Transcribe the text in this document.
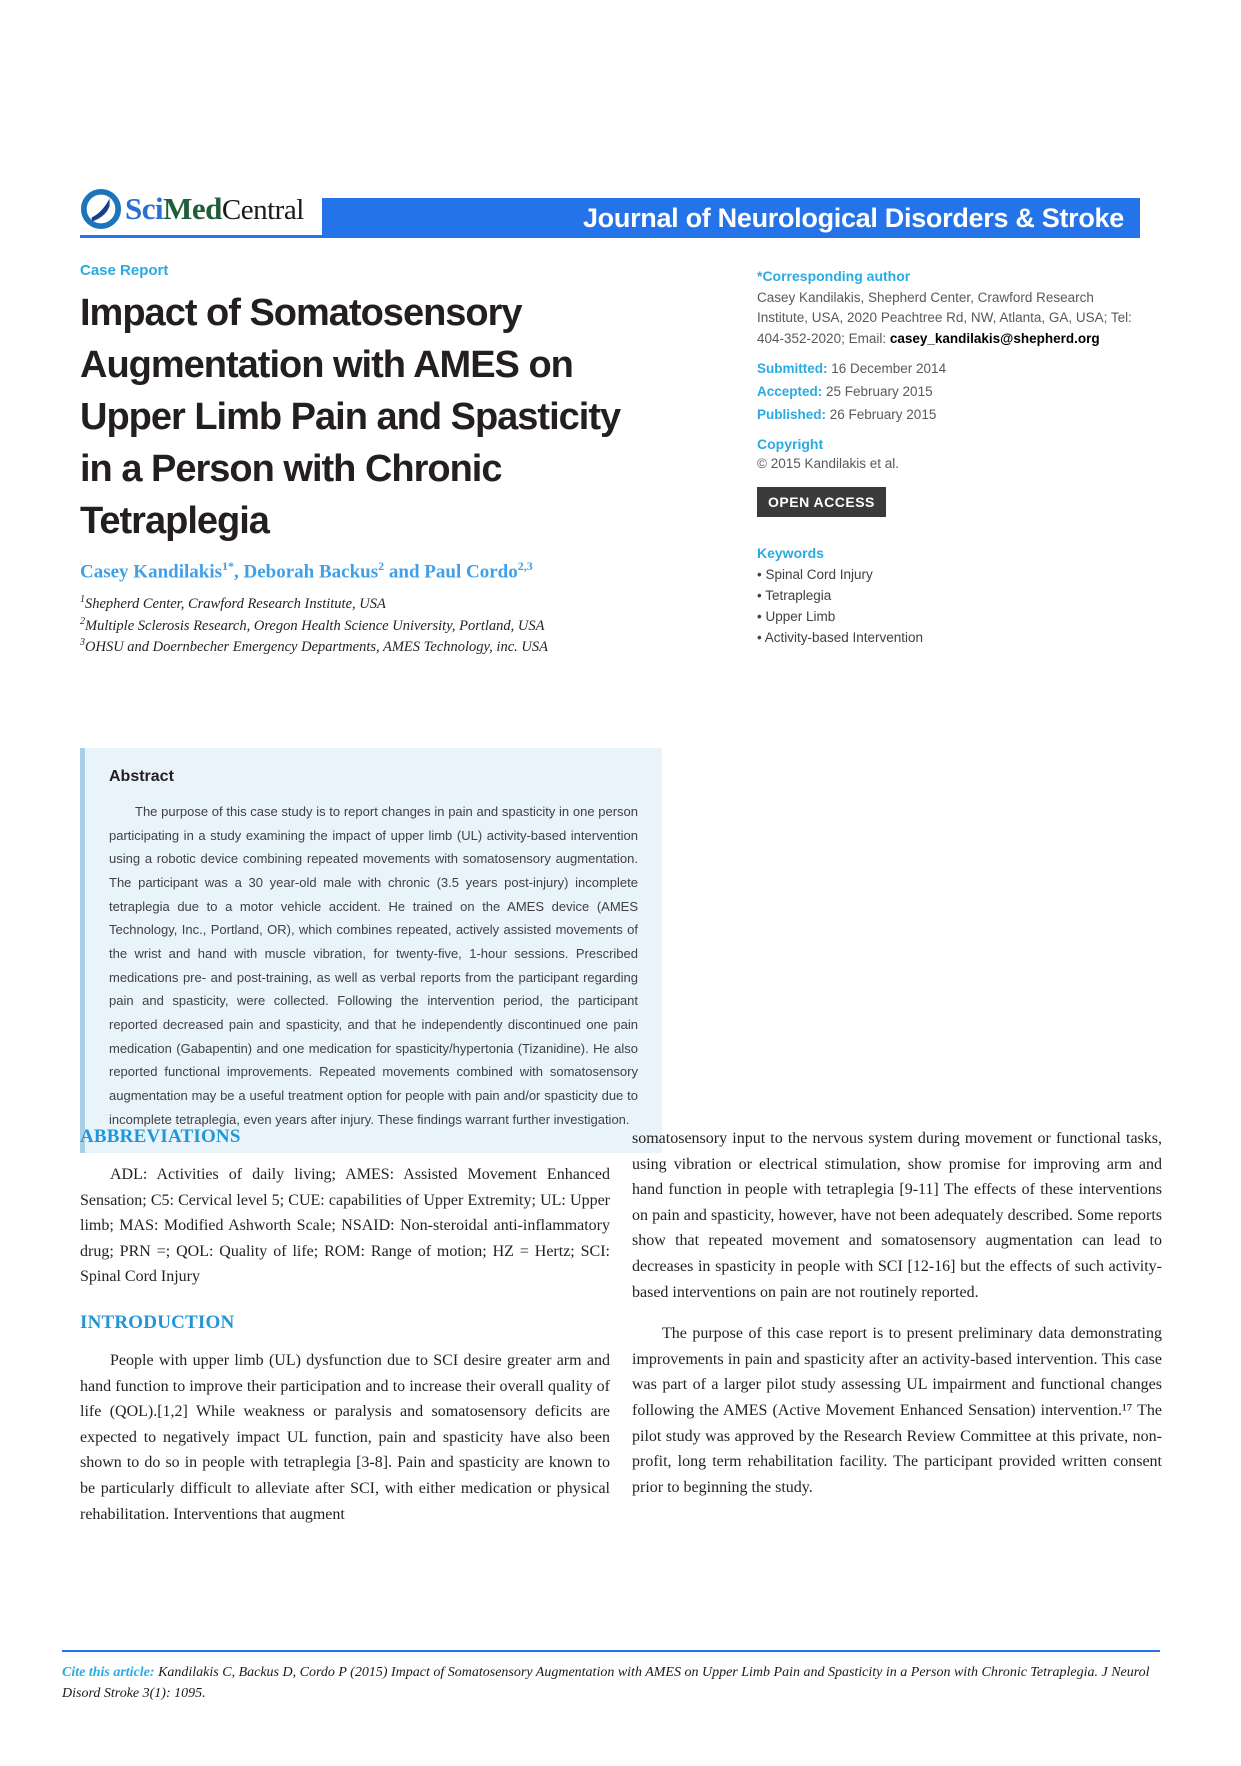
SciMedCentral	Journal of Neurological Disorders & Stroke
Case Report
Impact of Somatosensory
Augmentation with AMES on
Upper Limb Pain and Spasticity
in a Person with Chronic
Tetraplegia
Casey Kandilakis$^{1*}$, Deborah Backus$^2$ and Paul Cordo$^{2,3}$
$^1$Shepherd Center, Crawford Research Institute, USA
$^2$Multiple Sclerosis Research, Oregon Health Science University, Portland, USA
$^3$OHSU and Doernbecher Emergency Departments, AMES Technology, inc. USA
Abstract
The purpose of this case study is to report changes in pain and spasticity in one person participating in a study examining the impact of upper limb (UL) activity-based intervention using a robotic device combining repeated movements with somatosensory augmentation. The participant was a 30 year-old male with chronic (3.5 years post-injury) incomplete tetraplegia due to a motor vehicle accident. He trained on the AMES device (AMES Technology, Inc., Portland, OR), which combines repeated, actively assisted movements of the wrist and hand with muscle vibration, for twenty-five, 1-hour sessions. Prescribed medications pre- and post-training, as well as verbal reports from the participant regarding pain and spasticity, were collected. Following the intervention period, the participant reported decreased pain and spasticity, and that he independently discontinued one pain medication (Gabapentin) and one medication for spasticity/hypertonia (Tizanidine). He also reported functional improvements. Repeated movements combined with somatosensory augmentation may be a useful treatment option for people with pain and/or spasticity due to incomplete tetraplegia, even years after injury. These findings warrant further investigation.
*Corresponding author
Casey Kandilakis, Shepherd Center, Crawford Research Institute, USA, 2020 Peachtree Rd, NW, Atlanta, GA, USA; Tel: 404-352-2020; Email: casey_kandilakis@shepherd.org
Submitted: 16 December 2014
Accepted: 25 February 2015
Published: 26 February 2015
Copyright
© 2015 Kandilakis et al.
OPEN ACCESS
Keywords
• Spinal Cord Injury
• Tetraplegia
• Upper Limb
• Activity-based Intervention
ABBREVIATIONS
ADL: Activities of daily living; AMES: Assisted Movement Enhanced Sensation; C5: Cervical level 5; CUE: capabilities of Upper Extremity; UL: Upper limb; MAS: Modified Ashworth Scale; NSAID: Non-steroidal anti-inflammatory drug; PRN =; QOL: Quality of life; ROM: Range of motion; HZ = Hertz; SCI: Spinal Cord Injury
INTRODUCTION
People with upper limb (UL) dysfunction due to SCI desire greater arm and hand function to improve their participation and to increase their overall quality of life (QOL).[1,2] While weakness or paralysis and somatosensory deficits are expected to negatively impact UL function, pain and spasticity have also been shown to do so in people with tetraplegia [3-8]. Pain and spasticity are known to be particularly difficult to alleviate after SCI, with either medication or physical rehabilitation. Interventions that augment
somatosensory input to the nervous system during movement or functional tasks, using vibration or electrical stimulation, show promise for improving arm and hand function in people with tetraplegia [9-11] The effects of these interventions on pain and spasticity, however, have not been adequately described. Some reports show that repeated movement and somatosensory augmentation can lead to decreases in spasticity in people with SCI [12-16] but the effects of such activity-based interventions on pain are not routinely reported.
The purpose of this case report is to present preliminary data demonstrating improvements in pain and spasticity after an activity-based intervention. This case was part of a larger pilot study assessing UL impairment and functional changes following the AMES (Active Movement Enhanced Sensation) intervention.¹⁷ The pilot study was approved by the Research Review Committee at this private, non-profit, long term rehabilitation facility. The participant provided written consent prior to beginning the study.
Cite this article: Kandilakis C, Backus D, Cordo P (2015) Impact of Somatosensory Augmentation with AMES on Upper Limb Pain and Spasticity in a Person with Chronic Tetraplegia. J Neurol Disord Stroke 3(1): 1095.
